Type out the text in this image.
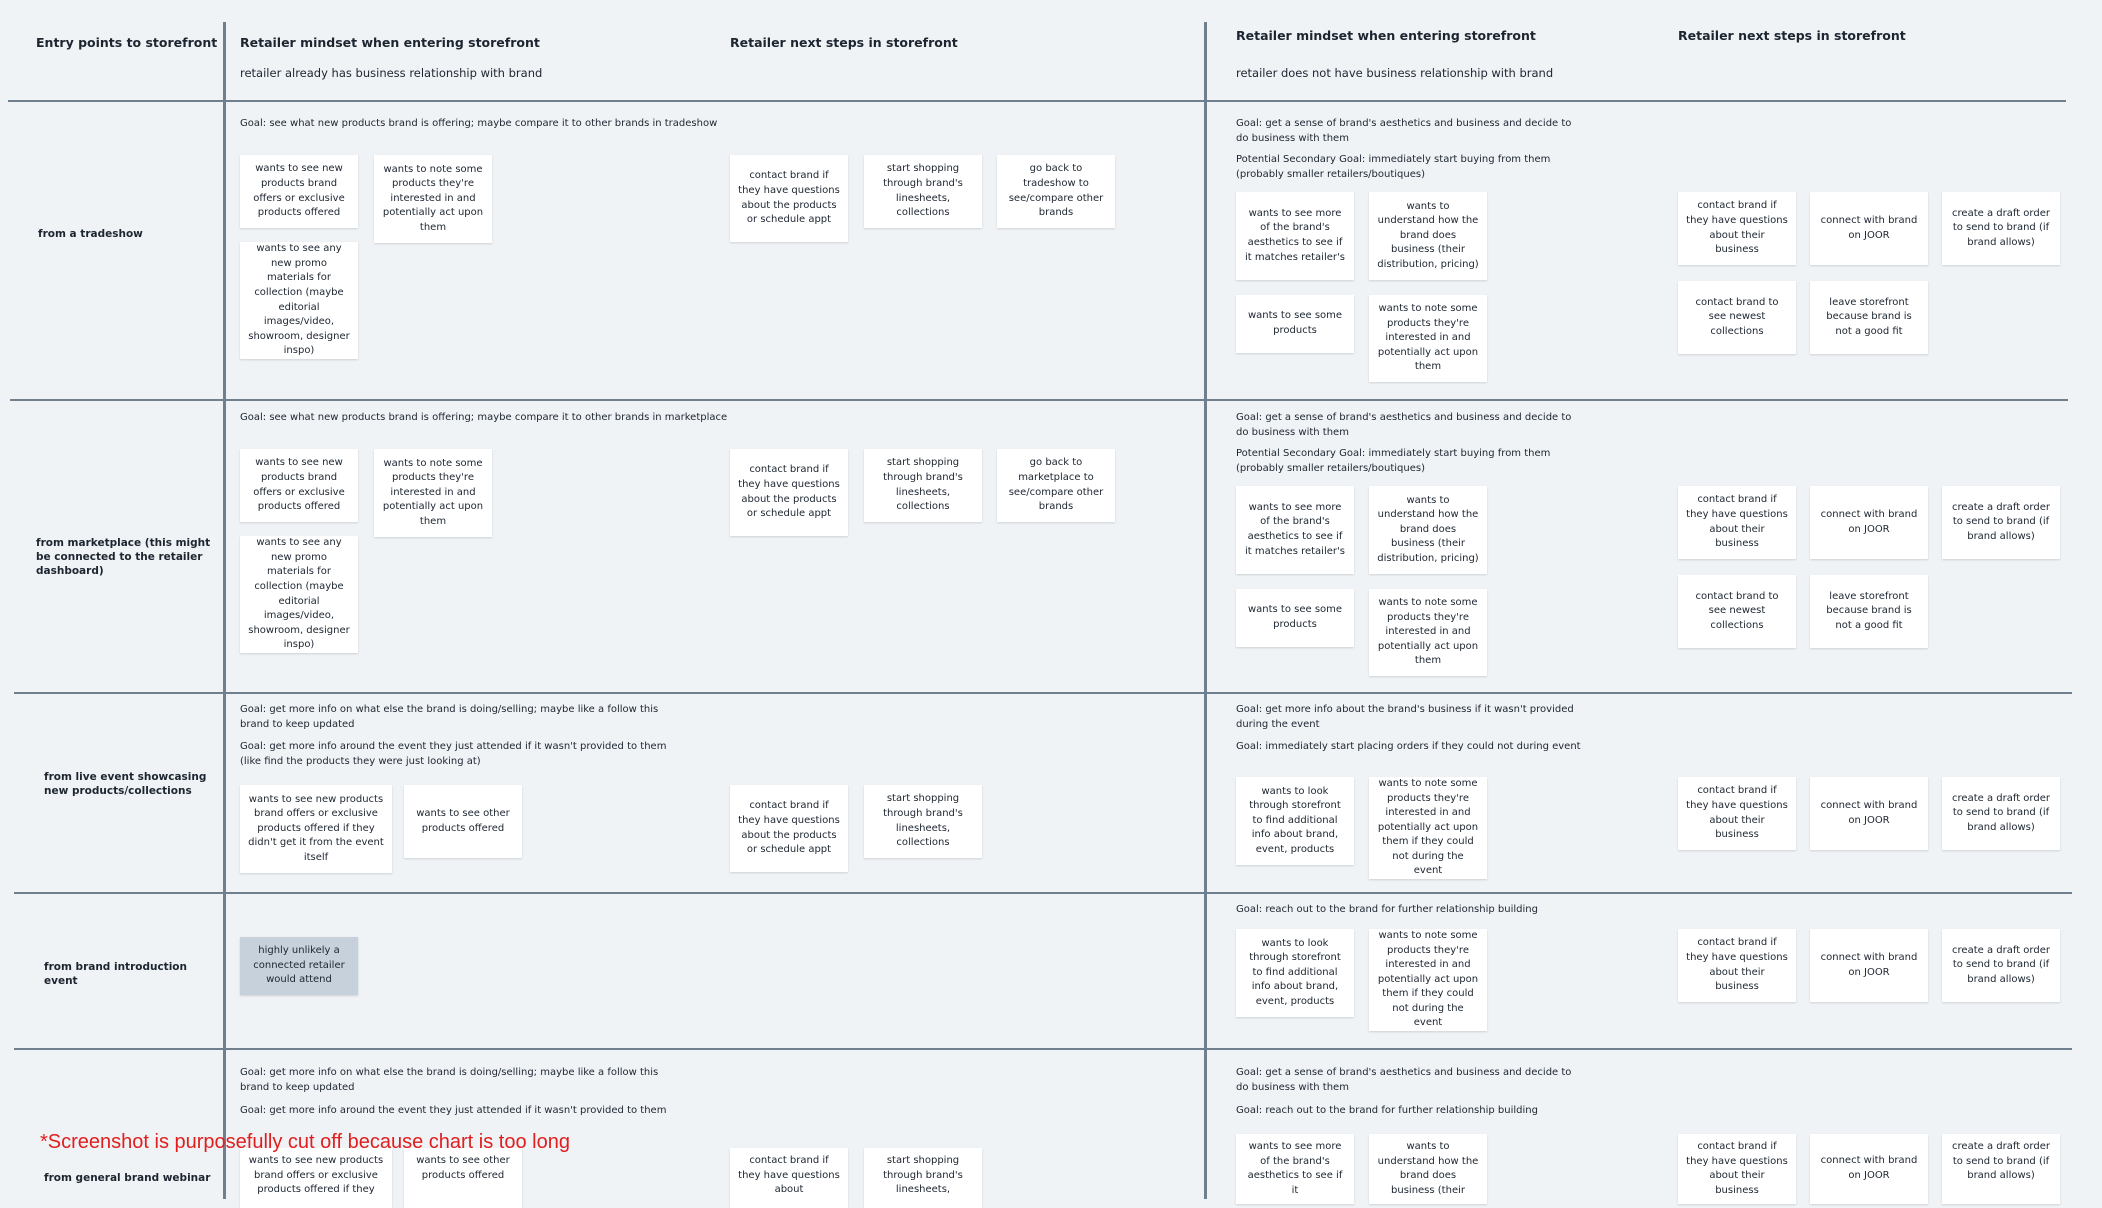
Entry points to storefront Retailer mindset when entering storefront
retailer already has business relationship with brand
Retailer next steps in storefront	Retailer mindset when entering storefront
retailer does not have business relationship with brand
Retailer next steps in storefront
from a tradeshow
Goal: see what new products brand is offering; maybe compare it to other brands in tradeshow
wants to see new products brand offers or exclusive products offered
wants to note some products they're interested in and potentially act upon them
wants to see any new promo materials for collection (maybe editorial images/video, showroom, designer inspo)
contact brand if they have questions about the products or schedule appt
start shopping through brand's linesheets, collections
go back to tradeshow to see/compare other brands
Goal: get a sense of brand's aesthetics and business and decide to do business with them
Potential Secondary Goal: immediately start buying from them (probably smaller retailers/boutiques)
wants to see more of the brand's aesthetics to see if it matches retailer's
wants to understand how the brand does business (their distribution, pricing)
wants to see some products
wants to note some products they're interested in and potentially act upon them
contact brand if they have questions about their business
connect with brand on JOOR
create a draft order to send to brand (if brand allows)
contact brand to see newest collections
leave storefront because brand is not a good fit
from marketplace (this might be connected to the retailer dashboard)
Goal: see what new products brand is offering; maybe compare it to other brands in marketplace
wants to see new products brand offers or exclusive products offered
wants to note some products they're interested in and potentially act upon them
wants to see any new promo materials for collection (maybe editorial images/video, showroom, designer inspo)
contact brand if they have questions about the products or schedule appt
start shopping through brand's linesheets, collections
go back to marketplace to see/compare other brands
Goal: get a sense of brand's aesthetics and business and decide to do business with them
Potential Secondary Goal: immediately start buying from them (probably smaller retailers/boutiques)
wants to see more of the brand's aesthetics to see if it matches retailer's
wants to understand how the brand does business (their distribution, pricing)
wants to see some products
wants to note some products they're interested in and potentially act upon them
contact brand if they have questions about their business
connect with brand on JOOR
create a draft order to send to brand (if brand allows)
contact brand to see newest collections
leave storefront because brand is not a good fit
from live event showcasing new products/collections
Goal: get more info on what else the brand is doing/selling; maybe like a follow this brand to keep updated
Goal: get more info around the event they just attended if it wasn't provided to them (like find the products they were just looking at)
wants to see new products brand offers or exclusive products offered if they didn't get it from the event itself
wants to see other products offered
contact brand if they have questions about the products or schedule appt
start shopping through brand's linesheets, collections
Goal: get more info about the brand's business if it wasn't provided during the event
Goal: immediately start placing orders if they could not during event
wants to look through storefront to find additional info about brand, event, products
wants to note some products they're interested in and potentially act upon them if they could not during the event
contact brand if they have questions about their business
connect with brand on JOOR
create a draft order to send to brand (if brand allows)
from brand introduction event
highly unlikely a connected retailer would attend
Goal: reach out to the brand for further relationship building
wants to look through storefront to find additional info about brand, event, products
wants to note some products they're interested in and potentially act upon them if they could not during the event
contact brand if they have questions about their business
connect with brand on JOOR
create a draft order to send to brand (if brand allows)
from general brand webinar
Goal: get more info on what else the brand is doing/selling; maybe like a follow this brand to keep updated
Goal: get more info around the event they just attended if it wasn't provided to them
wants to see new products brand offers or exclusive products offered if they
wants to see other products offered
contact brand if they have questions about
start shopping through brand's linesheets,
Goal: get a sense of brand's aesthetics and business and decide to do business with them
Goal: reach out to the brand for further relationship building
wants to see more of the brand's aesthetics to see if it
wants to understand how the brand does business (their
contact brand if they have questions about their business
connect with brand on JOOR
create a draft order to send to brand (if brand allows)
*Screenshot is purposefully cut off because chart is too long
